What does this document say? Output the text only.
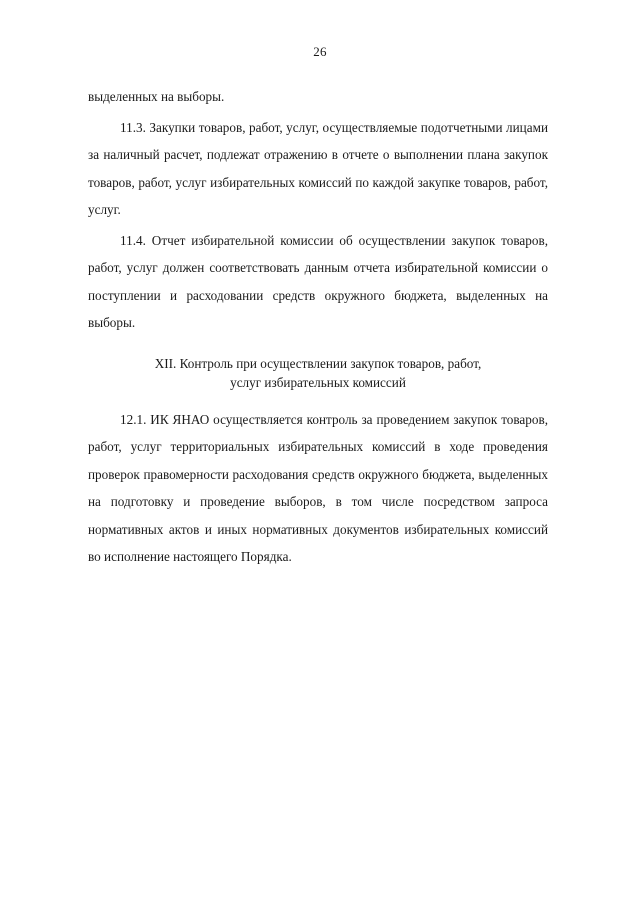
26

выделенных на выборы.

11.3. Закупки товаров, работ, услуг, осуществляемые подотчетными лицами за наличный расчет, подлежат отражению в отчете о выполнении плана закупок товаров, работ, услуг избирательных комиссий по каждой закупке товаров, работ, услуг.

11.4. Отчет избирательной комиссии об осуществлении закупок товаров, работ, услуг должен соответствовать данным отчета избирательной комиссии о поступлении и расходовании средств окружного бюджета, выделенных на выборы.

XII. Контроль при осуществлении закупок товаров, работ,
услуг избирательных комиссий

12.1. ИК ЯНАО осуществляется контроль за проведением закупок товаров, работ, услуг территориальных избирательных комиссий в ходе проведения проверок правомерности расходования средств окружного бюджета, выделенных на подготовку и проведение выборов, в том числе посредством запроса нормативных актов и иных нормативных документов избирательных комиссий во исполнение настоящего Порядка.
